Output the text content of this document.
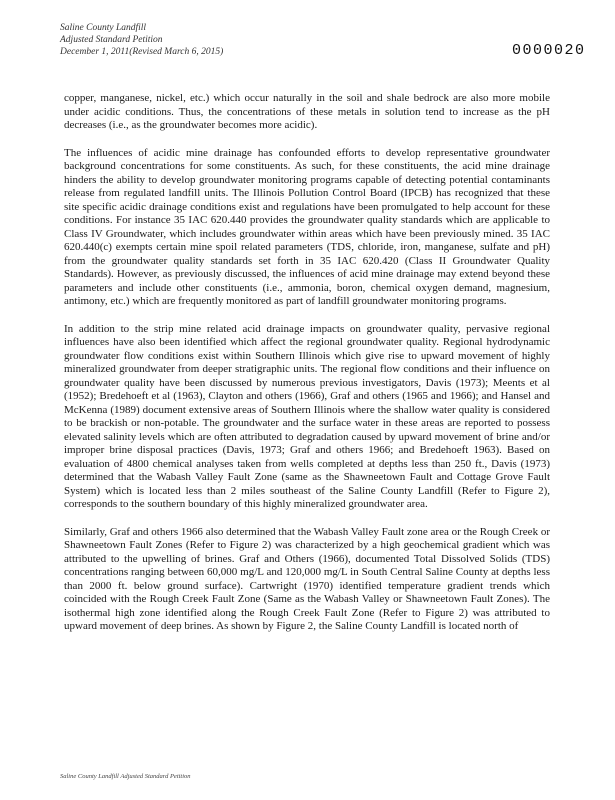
Saline County Landfill
Adjusted Standard Petition
December 1, 2011(Revised March 6, 2015)	0000020

copper, manganese, nickel, etc.) which occur naturally in the soil and shale bedrock are also more mobile under acidic conditions. Thus, the concentrations of these metals in solution tend to increase as the pH decreases (i.e., as the groundwater becomes more acidic).

The influences of acidic mine drainage has confounded efforts to develop representative groundwater background concentrations for some constituents. As such, for these constituents, the acid mine drainage hinders the ability to develop groundwater monitoring programs capable of detecting potential contaminants release from regulated landfill units. The Illinois Pollution Control Board (IPCB) has recognized that these site specific acidic drainage conditions exist and regulations have been promulgated to help account for these conditions. For instance 35 IAC 620.440 provides the groundwater quality standards which are applicable to Class IV Groundwater, which includes groundwater within areas which have been previously mined. 35 IAC 620.440(c) exempts certain mine spoil related parameters (TDS, chloride, iron, manganese, sulfate and pH) from the groundwater quality standards set forth in 35 IAC 620.420 (Class II Groundwater Quality Standards). However, as previously discussed, the influences of acid mine drainage may extend beyond these parameters and include other constituents (i.e., ammonia, boron, chemical oxygen demand, magnesium, antimony, etc.) which are frequently monitored as part of landfill groundwater monitoring programs.

In addition to the strip mine related acid drainage impacts on groundwater quality, pervasive regional influences have also been identified which affect the regional groundwater quality. Regional hydrodynamic groundwater flow conditions exist within Southern Illinois which give rise to upward movement of highly mineralized groundwater from deeper stratigraphic units. The regional flow conditions and their influence on groundwater quality have been discussed by numerous previous investigators, Davis (1973); Meents et al (1952); Bredehoeft et al (1963), Clayton and others (1966), Graf and others (1965 and 1966); and Hansel and McKenna (1989) document extensive areas of Southern Illinois where the shallow water quality is considered to be brackish or non-potable. The groundwater and the surface water in these areas are reported to possess elevated salinity levels which are often attributed to degradation caused by upward movement of brine and/or improper brine disposal practices (Davis, 1973; Graf and others 1966; and Bredehoeft 1963). Based on evaluation of 4800 chemical analyses taken from wells completed at depths less than 250 ft., Davis (1973) determined that the Wabash Valley Fault Zone (same as the Shawneetown Fault and Cottage Grove Fault System) which is located less than 2 miles southeast of the Saline County Landfill (Refer to Figure 2), corresponds to the southern boundary of this highly mineralized groundwater area.

Similarly, Graf and others 1966 also determined that the Wabash Valley Fault zone area or the Rough Creek or Shawneetown Fault Zones (Refer to Figure 2) was characterized by a high geochemical gradient which was attributed to the upwelling of brines. Graf and Others (1966), documented Total Dissolved Solids (TDS) concentrations ranging between 60,000 mg/L and 120,000 mg/L in South Central Saline County at depths less than 2000 ft. below ground surface). Cartwright (1970) identified temperature gradient trends which coincided with the Rough Creek Fault Zone (Same as the Wabash Valley or Shawneetown Fault Zones). The isothermal high zone identified along the Rough Creek Fault Zone (Refer to Figure 2) was attributed to upward movement of deep brines. As shown by Figure 2, the Saline County Landfill is located north of

Saline County Landfill Adjusted Standard Petition
